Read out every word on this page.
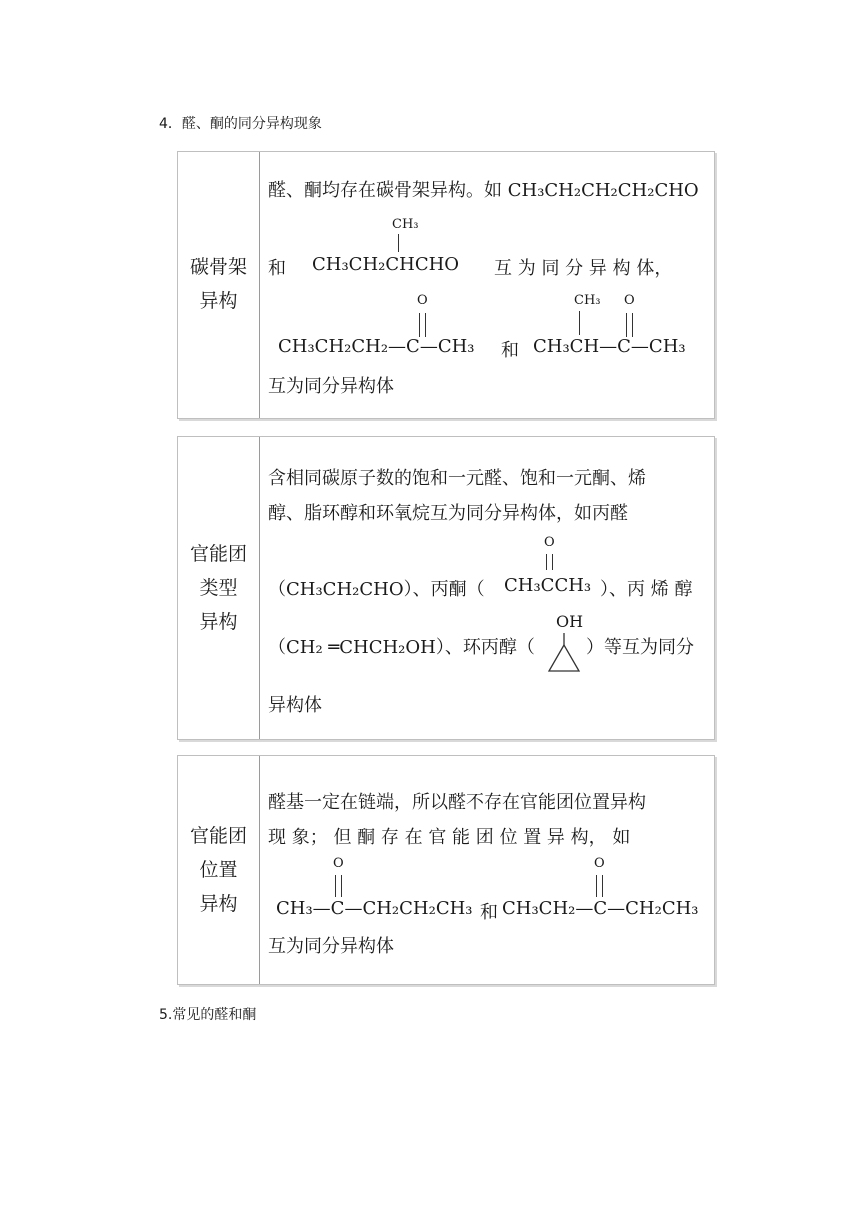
4．醛、酮的同分异构现象
碳骨架
异构
醛、酮均存在碳骨架异构。如 CH₃CH₂CH₂CH₂CHO
CH₃
和 CH₃CH₂CHCHO 互 为 同 分 异 构 体，
O	CH₃ O
CH₃CH₂CH₂—C—CH₃ 和 CH₃CH—C—CH₃
互为同分异构体
官能团
类型
异构
含相同碳原子数的饱和一元醛、饱和一元酮、烯
醇、脂环醇和环氧烷互为同分异构体，如丙醛
O
（CH₃CH₂CHO）、丙酮（ CH₃CCH₃ ）、丙 烯 醇
OH
（CH₂ ═CHCH₂OH）、环丙醇（	）等互为同分
异构体
官能团
位置
异构
醛基一定在链端，所以醛不存在官能团位置异构
现 象； 但 酮 存 在 官 能 团 位 置 异 构， 如
O	O
CH₃—C—CH₂CH₂CH₃ 和 CH₃CH₂—C—CH₂CH₃
互为同分异构体
5.常见的醛和酮
